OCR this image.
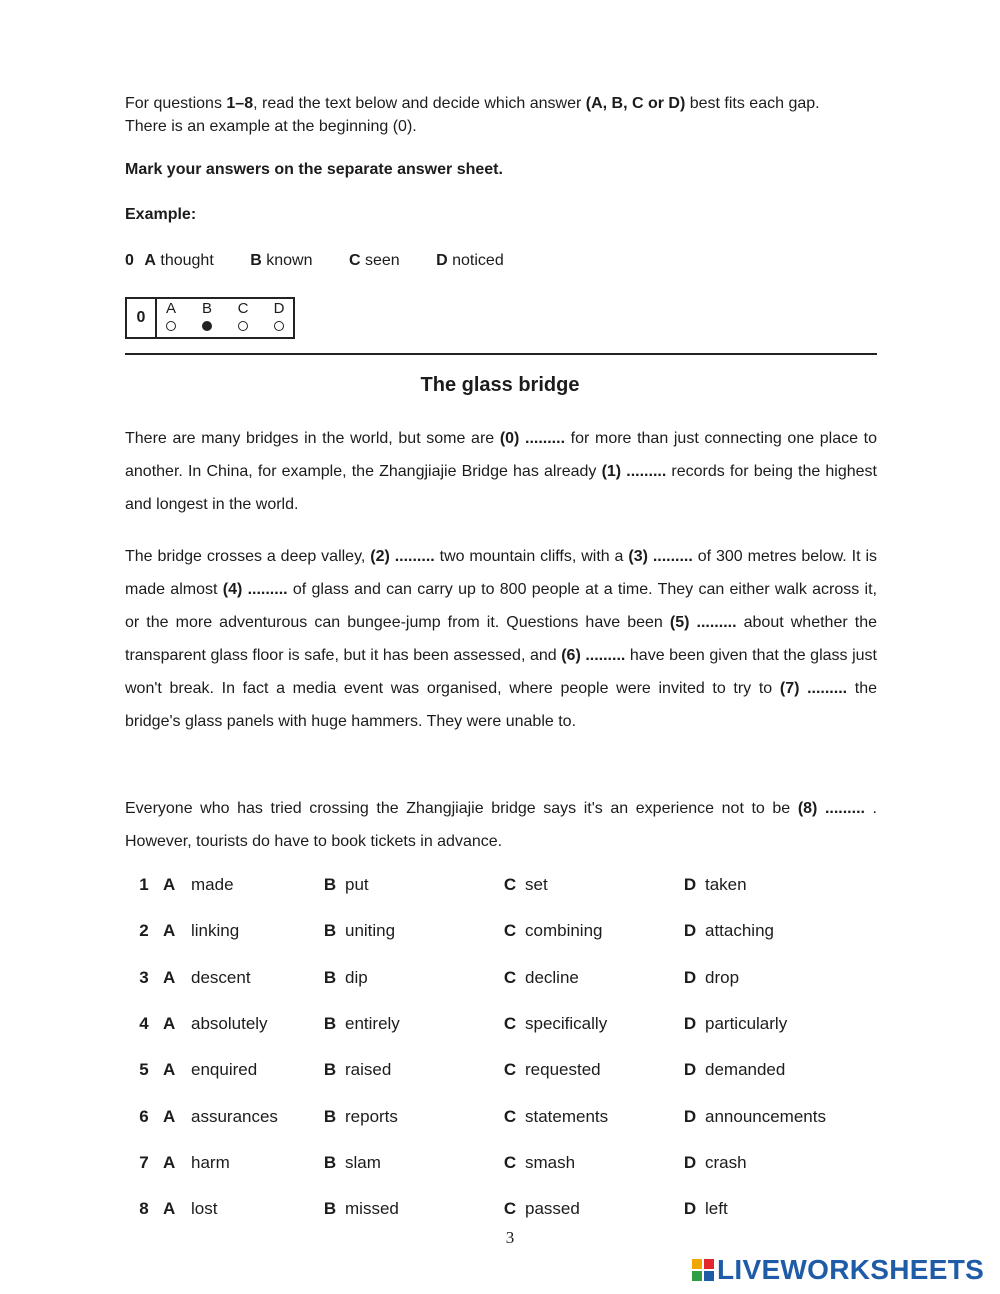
For questions 1–8, read the text below and decide which answer (A, B, C or D) best fits each gap.
There is an example at the beginning (0).
Mark your answers on the separate answer sheet.
Example:
0 A thought B known C seen D noticed
0
A	B	C	D
The glass bridge
There are many bridges in the world, but some are (0) ......... for more than just connecting one place to another. In China, for example, the Zhangjiajie Bridge has already (1) ......... records for being the highest and longest in the world.
The bridge crosses a deep valley, (2) ......... two mountain cliffs, with a (3) ......... of 300 metres below. It is made almost (4) ......... of glass and can carry up to 800 people at a time. They can either walk across it, or the more adventurous can bungee-jump from it. Questions have been (5) ......... about whether the transparent glass floor is safe, but it has been assessed, and (6) ......... have been given that the glass just won't break. In fact a media event was organised, where people were invited to try to (7) ......... the bridge's glass panels with huge hammers. They were unable to.
Everyone who has tried crossing the Zhangjiajie bridge says it's an experience not to be (8) ......... . However, tourists do have to book tickets in advance.
1	A	made	B	put	C	set	D	taken
2	A	linking	B	uniting	C	combining	D	attaching
3	A	descent	B	dip	C	decline	D	drop
4	A	absolutely	B	entirely	C	specifically	D	particularly
5	A	enquired	B	raised	C	requested	D	demanded
6	A	assurances	B	reports	C	statements	D	announcements
7	A	harm	B	slam	C	smash	D	crash
8	A	lost	B	missed	C	passed	D	left
3
LIVEWORKSHEETS
